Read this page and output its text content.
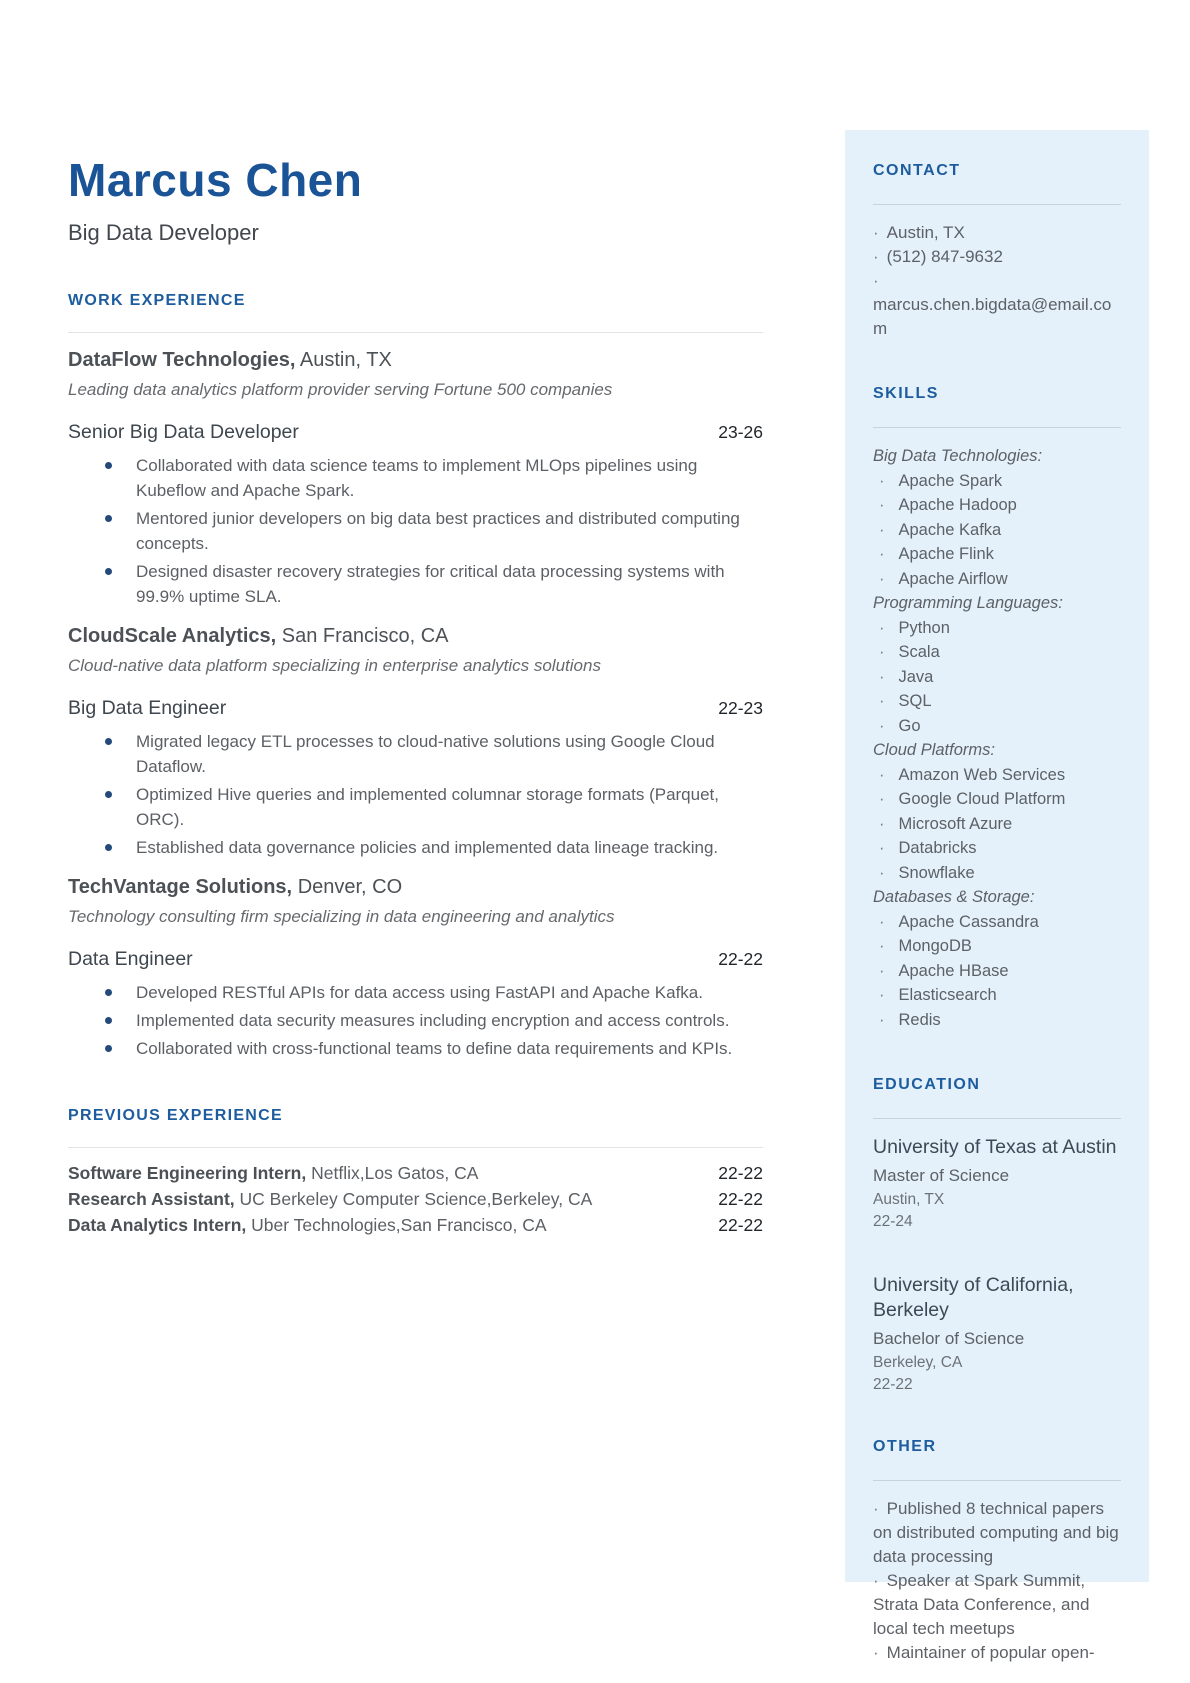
Marcus Chen
Big Data Developer
WORK EXPERIENCE
DataFlow Technologies, Austin, TX
Leading data analytics platform provider serving Fortune 500 companies
Senior Big Data Developer	23-26
Collaborated with data science teams to implement MLOps pipelines using Kubeflow and Apache Spark.
Mentored junior developers on big data best practices and distributed computing concepts.
Designed disaster recovery strategies for critical data processing systems with 99.9% uptime SLA.
CloudScale Analytics, San Francisco, CA
Cloud-native data platform specializing in enterprise analytics solutions
Big Data Engineer	22-23
Migrated legacy ETL processes to cloud-native solutions using Google Cloud Dataflow.
Optimized Hive queries and implemented columnar storage formats (Parquet, ORC).
Established data governance policies and implemented data lineage tracking.
TechVantage Solutions, Denver, CO
Technology consulting firm specializing in data engineering and analytics
Data Engineer	22-22
Developed RESTful APIs for data access using FastAPI and Apache Kafka.
Implemented data security measures including encryption and access controls.
Collaborated with cross-functional teams to define data requirements and KPIs.
PREVIOUS EXPERIENCE
Software Engineering Intern, Netflix,Los Gatos, CA	22-22
Research Assistant, UC Berkeley Computer Science,Berkeley, CA	22-22
Data Analytics Intern, Uber Technologies,San Francisco, CA	22-22
CONTACT
· Austin, TX
· (512) 847-9632
·
marcus.chen.bigdata@email.com
SKILLS
Big Data Technologies:
· Apache Spark
· Apache Hadoop
· Apache Kafka
· Apache Flink
· Apache Airflow
Programming Languages:
· Python
· Scala
· Java
· SQL
· Go
Cloud Platforms:
· Amazon Web Services
· Google Cloud Platform
· Microsoft Azure
· Databricks
· Snowflake
Databases & Storage:
· Apache Cassandra
· MongoDB
· Apache HBase
· Elasticsearch
· Redis
EDUCATION
University of Texas at Austin
Master of Science
Austin, TX
22-24
University of California, Berkeley
Bachelor of Science
Berkeley, CA
22-22
OTHER
· Published 8 technical papers on distributed computing and big data processing
· Speaker at Spark Summit, Strata Data Conference, and local tech meetups
· Maintainer of popular open-
